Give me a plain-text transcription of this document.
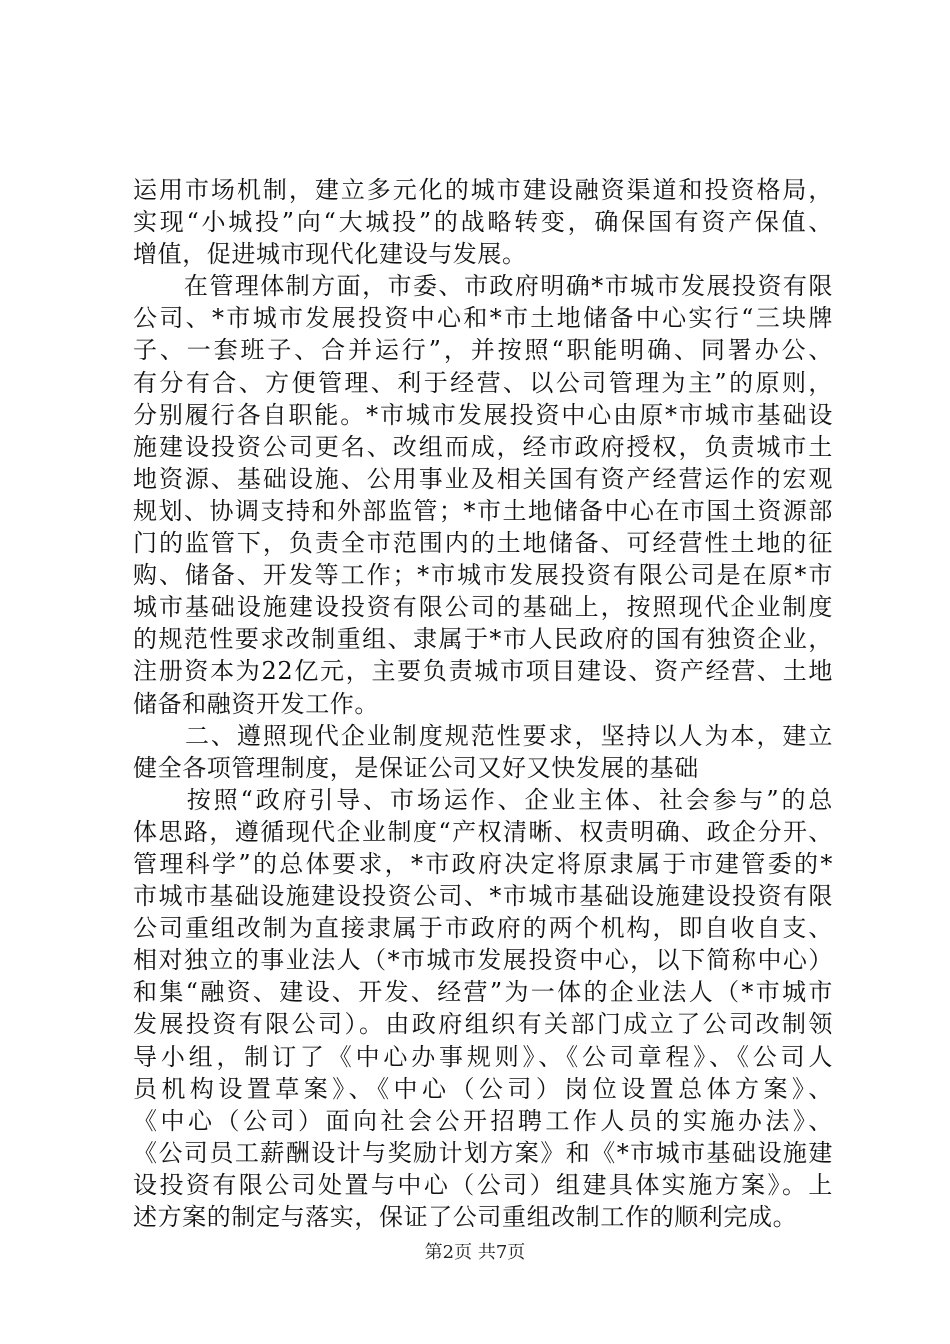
运用市场机制，建立多元化的城市建设融资渠道和投资格局，
实现“小城投”向“大城投”的战略转变，确保国有资产保值、
增值，促进城市现代化建设与发展。
　　在管理体制方面，市委、市政府明确*市城市发展投资有限
公司、*市城市发展投资中心和*市土地储备中心实行“三块牌
子、一套班子、合并运行”，并按照“职能明确、同署办公、
有分有合、方便管理、利于经营、以公司管理为主”的原则，
分别履行各自职能。*市城市发展投资中心由原*市城市基础设
施建设投资公司更名、改组而成，经市政府授权，负责城市土
地资源、基础设施、公用事业及相关国有资产经营运作的宏观
规划、协调支持和外部监管；*市土地储备中心在市国土资源部
门的监管下，负责全市范围内的土地储备、可经营性土地的征
购、储备、开发等工作；*市城市发展投资有限公司是在原*市
城市基础设施建设投资有限公司的基础上，按照现代企业制度
的规范性要求改制重组、隶属于*市人民政府的国有独资企业，
注册资本为22亿元，主要负责城市项目建设、资产经营、土地
储备和融资开发工作。
　　二、遵照现代企业制度规范性要求，坚持以人为本，建立
健全各项管理制度，是保证公司又好又快发展的基础
　　按照“政府引导、市场运作、企业主体、社会参与”的总
体思路，遵循现代企业制度“产权清晰、权责明确、政企分开、
管理科学”的总体要求，*市政府决定将原隶属于市建管委的*
市城市基础设施建设投资公司、*市城市基础设施建设投资有限
公司重组改制为直接隶属于市政府的两个机构，即自收自支、
相对独立的事业法人（*市城市发展投资中心，以下简称中心）
和集“融资、建设、开发、经营”为一体的企业法人（*市城市
发展投资有限公司）。由政府组织有关部门成立了公司改制领
导小组，制订了《中心办事规则》、《公司章程》、《公司人
员机构设置草案》、《中心（公司）岗位设置总体方案》、
《中心（公司）面向社会公开招聘工作人员的实施办法》、
《公司员工薪酬设计与奖励计划方案》和《*市城市基础设施建
设投资有限公司处置与中心（公司）组建具体实施方案》。上
述方案的制定与落实，保证了公司重组改制工作的顺利完成。
第2页 共7页
